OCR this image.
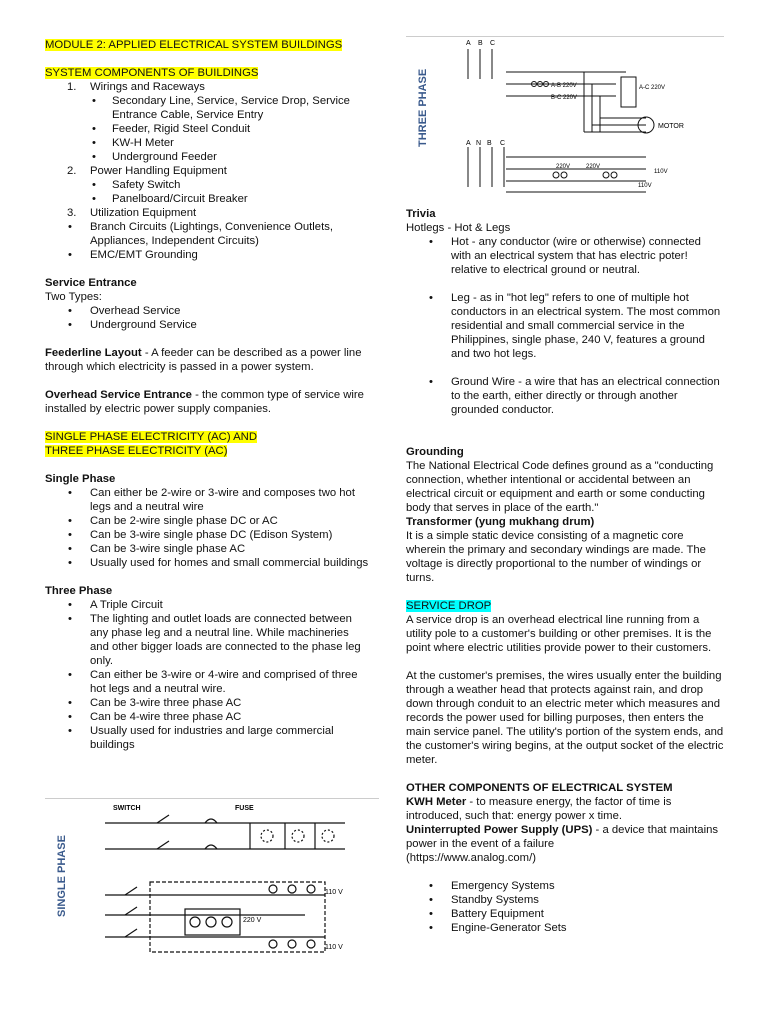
MODULE 2: APPLIED ELECTRICAL SYSTEM BUILDINGS

SYSTEM COMPONENTS OF BUILDINGS

1.	Wirings and Raceways
• Secondary Line, Service, Service Drop, Service Entrance Cable, Service Entry
• Feeder, Rigid Steel Conduit
• KW-H Meter
• Underground Feeder
2.	Power Handling Equipment
• Safety Switch
• Panelboard/Circuit Breaker
3.	Utilization Equipment
• Branch Circuits (Lightings, Convenience Outlets, Appliances, Independent Circuits)
• EMC/EMT Grounding

Service Entrance

Two Types:

• Overhead Service
• Underground Service

Feederline Layout - A feeder can be described as a power line through which electricity is passed in a power system.

Overhead Service Entrance - the common type of service wire installed by electric power supply companies.

SINGLE PHASE ELECTRICITY (AC) AND
THREE PHASE ELECTRICITY (AC)

Single Phase

• Can either be 2-wire or 3-wire and composes two hot legs and a neutral wire
• Can be 2-wire single phase DC or AC
• Can be 3-wire single phase DC (Edison System)
• Can be 3-wire single phase AC
• Usually used for homes and small commercial buildings

Three Phase

• A Triple Circuit
• The lighting and outlet loads are connected between any phase leg and a neutral line. While machineries and other bigger loads are connected to the phase leg only.
• Can either be 3-wire or 4-wire and comprised of three hot legs and a neutral wire.
• Can be 3-wire three phase AC
• Can be 4-wire three phase AC
• Usually used for industries and large commercial buildings
SINGLE PHASE
SWITCH	FUSE
110 V
220 V
110 V
THREE PHASE
A B C
A-B 220V
B-C 220V
A-C 220V
MOTOR
A N B C
220V	220V
110V
110V

Trivia

Hotlegs - Hot & Legs

• Hot - any conductor (wire or otherwise) connected with an electrical system that has electric poter! relative to electrical ground or neutral.
• Leg - as in "hot leg" refers to one of multiple hot conductors in an electrical system. The most common residential and small commercial service in the Philippines, single phase, 240 V, features a ground and two hot legs.
• Ground Wire - a wire that has an electrical connection to the earth, either directly or through another grounded conductor.

Grounding

The National Electrical Code defines ground as a "conducting connection, whether intentional or accidental between an electrical circuit or equipment and earth or some conducting body that serves in place of the earth."

Transformer (yung mukhang drum)

It is a simple static device consisting of a magnetic core wherein the primary and secondary windings are made. The voltage is directly proportional to the number of windings or turns.

SERVICE DROP

A service drop is an overhead electrical line running from a utility pole to a customer's building or other premises. It is the point where electric utilities provide power to their customers.

At the customer's premises, the wires usually enter the building through a weather head that protects against rain, and drop down through conduit to an electric meter which measures and records the power used for billing purposes, then enters the main service panel. The utility's portion of the system ends, and the customer's wiring begins, at the output socket of the electric meter.

OTHER COMPONENTS OF ELECTRICAL SYSTEM

KWH Meter - to measure energy, the factor of time is introduced, such that: energy power x time.

Uninterrupted Power Supply (UPS) - a device that maintains power in the event of a failure

(https://www.analog.com/)

• Emergency Systems
• Standby Systems
• Battery Equipment
• Engine-Generator Sets
